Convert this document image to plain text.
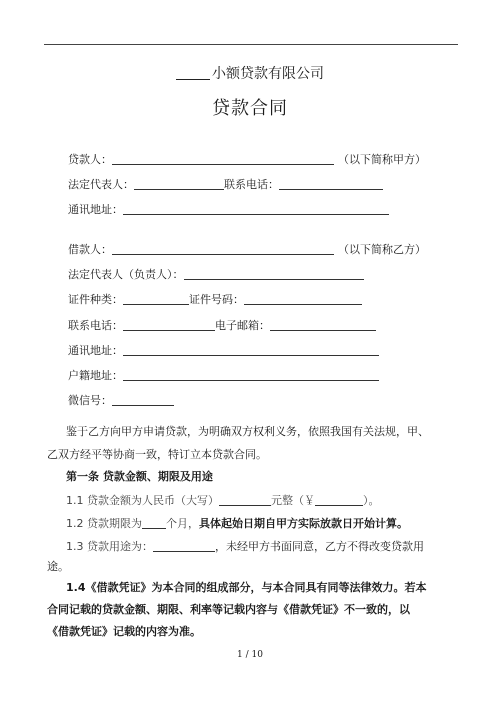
小额贷款有限公司
贷款合同
贷款人：	（以下简称甲方）
法定代表人：	联系电话：
通讯地址：
借款人：	（以下简称乙方）
法定代表人（负责人）：
证件种类：	证件号码：
联系电话：	电子邮箱：
通讯地址：
户籍地址：
微信号：
鉴于乙方向甲方申请贷款，为明确双方权利义务，依照我国有关法规，甲、
乙双方经平等协商一致，特订立本贷款合同。
第一条 贷款金额、期限及用途
1.1 贷款金额为人民币（大写）	元整（￥	）。
1.2 贷款期限为 个月，具体起始日期自甲方实际放款日开始计算。
1.3 贷款用途为：	，未经甲方书面同意，乙方不得改变贷款用
途。
1.4《借款凭证》为本合同的组成部分，与本合同具有同等法律效力。若本
合同记载的贷款金额、期限、利率等记载内容与《借款凭证》不一致的，以
《借款凭证》记载的内容为准。
1 / 10
